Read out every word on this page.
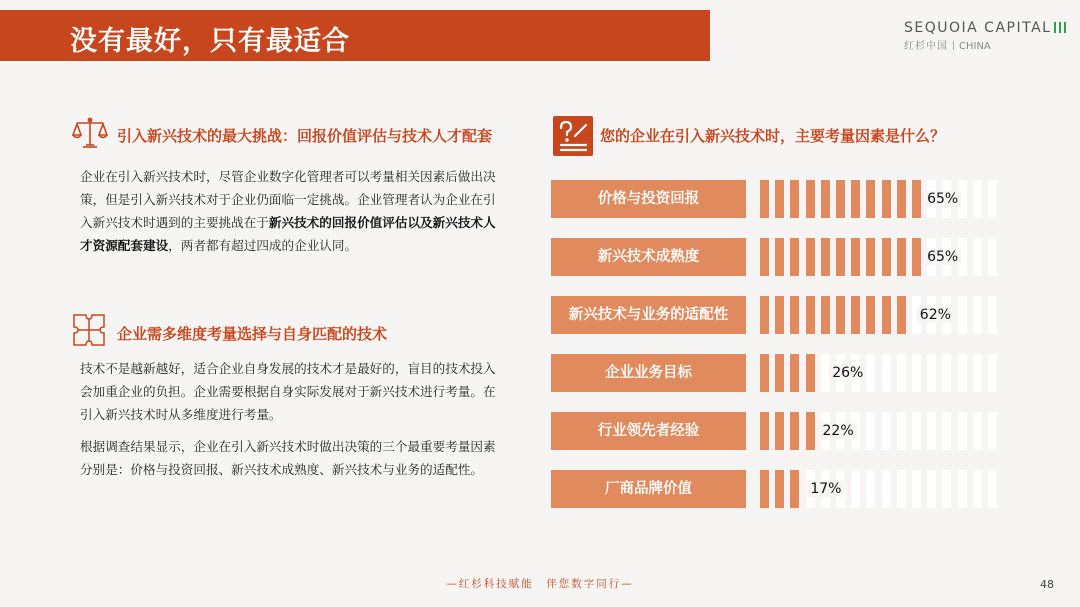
没有最好，只有最适合	SEQUOIA CAPITAL
红杉中国 CHINA
引入新兴技术的最大挑战：回报价值评估与技术人才配套
企业在引入新兴技术时，尽管企业数字化管理者可以考量相关因素后做出决策，但是引入新兴技术对于企业仍面临一定挑战。企业管理者认为企业在引入新兴技术时遇到的主要挑战在于新兴技术的回报价值评估以及新兴技术人才资源配套建设，两者都有超过四成的企业认同。
企业需多维度考量选择与自身匹配的技术
技术不是越新越好，适合企业自身发展的技术才是最好的，盲目的技术投入会加重企业的负担。企业需要根据自身实际发展对于新兴技术进行考量。在引入新兴技术时从多维度进行考量。
根据调查结果显示，企业在引入新兴技术时做出决策的三个最重要考量因素分别是：价格与投资回报、新兴技术成熟度、新兴技术与业务的适配性。
您的企业在引入新兴技术时，主要考量因素是什么？
价格与投资回报	65%
新兴技术成熟度	65%
新兴技术与业务的适配性	62%
企业业务目标	26%
行业领先者经验	22%
厂商品牌价值	17%
—红杉科技赋能　伴您数字同行—	48
